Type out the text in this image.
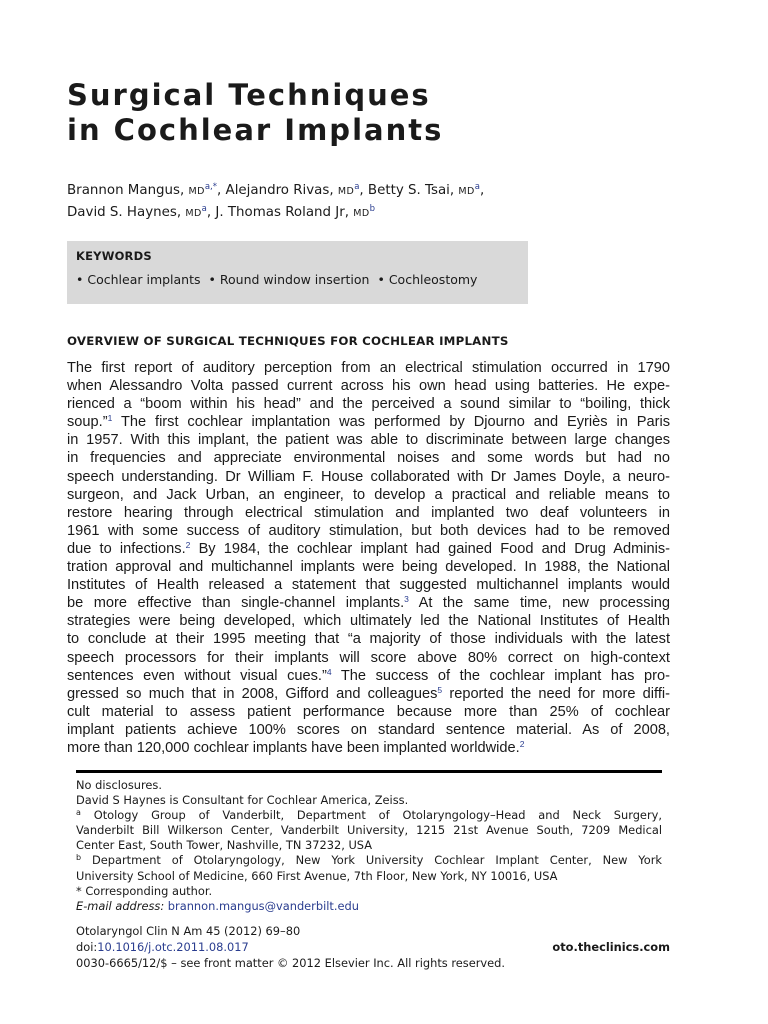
Surgical Techniques
in Cochlear Implants
Brannon Mangus, $MD^{a,*}$, Alejandro Rivas, $MD^a$, Betty S. Tsai, $MD^a$,
David S. Haynes, $MD^a$, J. Thomas Roland Jr, $MD^b$
KEYWORDS
• Cochlear implants • Round window insertion • Cochleostomy
OVERVIEW OF SURGICAL TECHNIQUES FOR COCHLEAR IMPLANTS
The first report of auditory perception from an electrical stimulation occurred in 1790
when Alessandro Volta passed current across his own head using batteries. He expe-
rienced a “boom within his head” and the perceived a sound similar to “boiling, thick
soup.”$^1$ The first cochlear implantation was performed by Djourno and Eyriès in Paris
in 1957. With this implant, the patient was able to discriminate between large changes
in frequencies and appreciate environmental noises and some words but had no
speech understanding. Dr William F. House collaborated with Dr James Doyle, a neuro-
surgeon, and Jack Urban, an engineer, to develop a practical and reliable means to
restore hearing through electrical stimulation and implanted two deaf volunteers in
1961 with some success of auditory stimulation, but both devices had to be removed
due to infections.$^2$ By 1984, the cochlear implant had gained Food and Drug Adminis-
tration approval and multichannel implants were being developed. In 1988, the National
Institutes of Health released a statement that suggested multichannel implants would
be more effective than single-channel implants.$^3$ At the same time, new processing
strategies were being developed, which ultimately led the National Institutes of Health
to conclude at their 1995 meeting that “a majority of those individuals with the latest
speech processors for their implants will score above 80% correct on high-context
sentences even without visual cues.”$^4$ The success of the cochlear implant has pro-
gressed so much that in 2008, Gifford and colleagues$^5$ reported the need for more diffi-
cult material to assess patient performance because more than 25% of cochlear
implant patients achieve 100% scores on standard sentence material. As of 2008,
more than 120,000 cochlear implants have been implanted worldwide.$^2$
No disclosures.
David S Haynes is Consultant for Cochlear America, Zeiss.
$^a$ Otology Group of Vanderbilt, Department of Otolaryngology–Head and Neck Surgery,
Vanderbilt Bill Wilkerson Center, Vanderbilt University, 1215 21st Avenue South, 7209 Medical
Center East, South Tower, Nashville, TN 37232, USA
$^b$ Department of Otolaryngology, New York University Cochlear Implant Center, New York
University School of Medicine, 660 First Avenue, 7th Floor, New York, NY 10016, USA
* Corresponding author.
E-mail address: brannon.mangus@vanderbilt.edu
Otolaryngol Clin N Am 45 (2012) 69–80
doi:10.1016/j.otc.2011.08.017	oto.theclinics.com
0030-6665/12/$ – see front matter © 2012 Elsevier Inc. All rights reserved.
